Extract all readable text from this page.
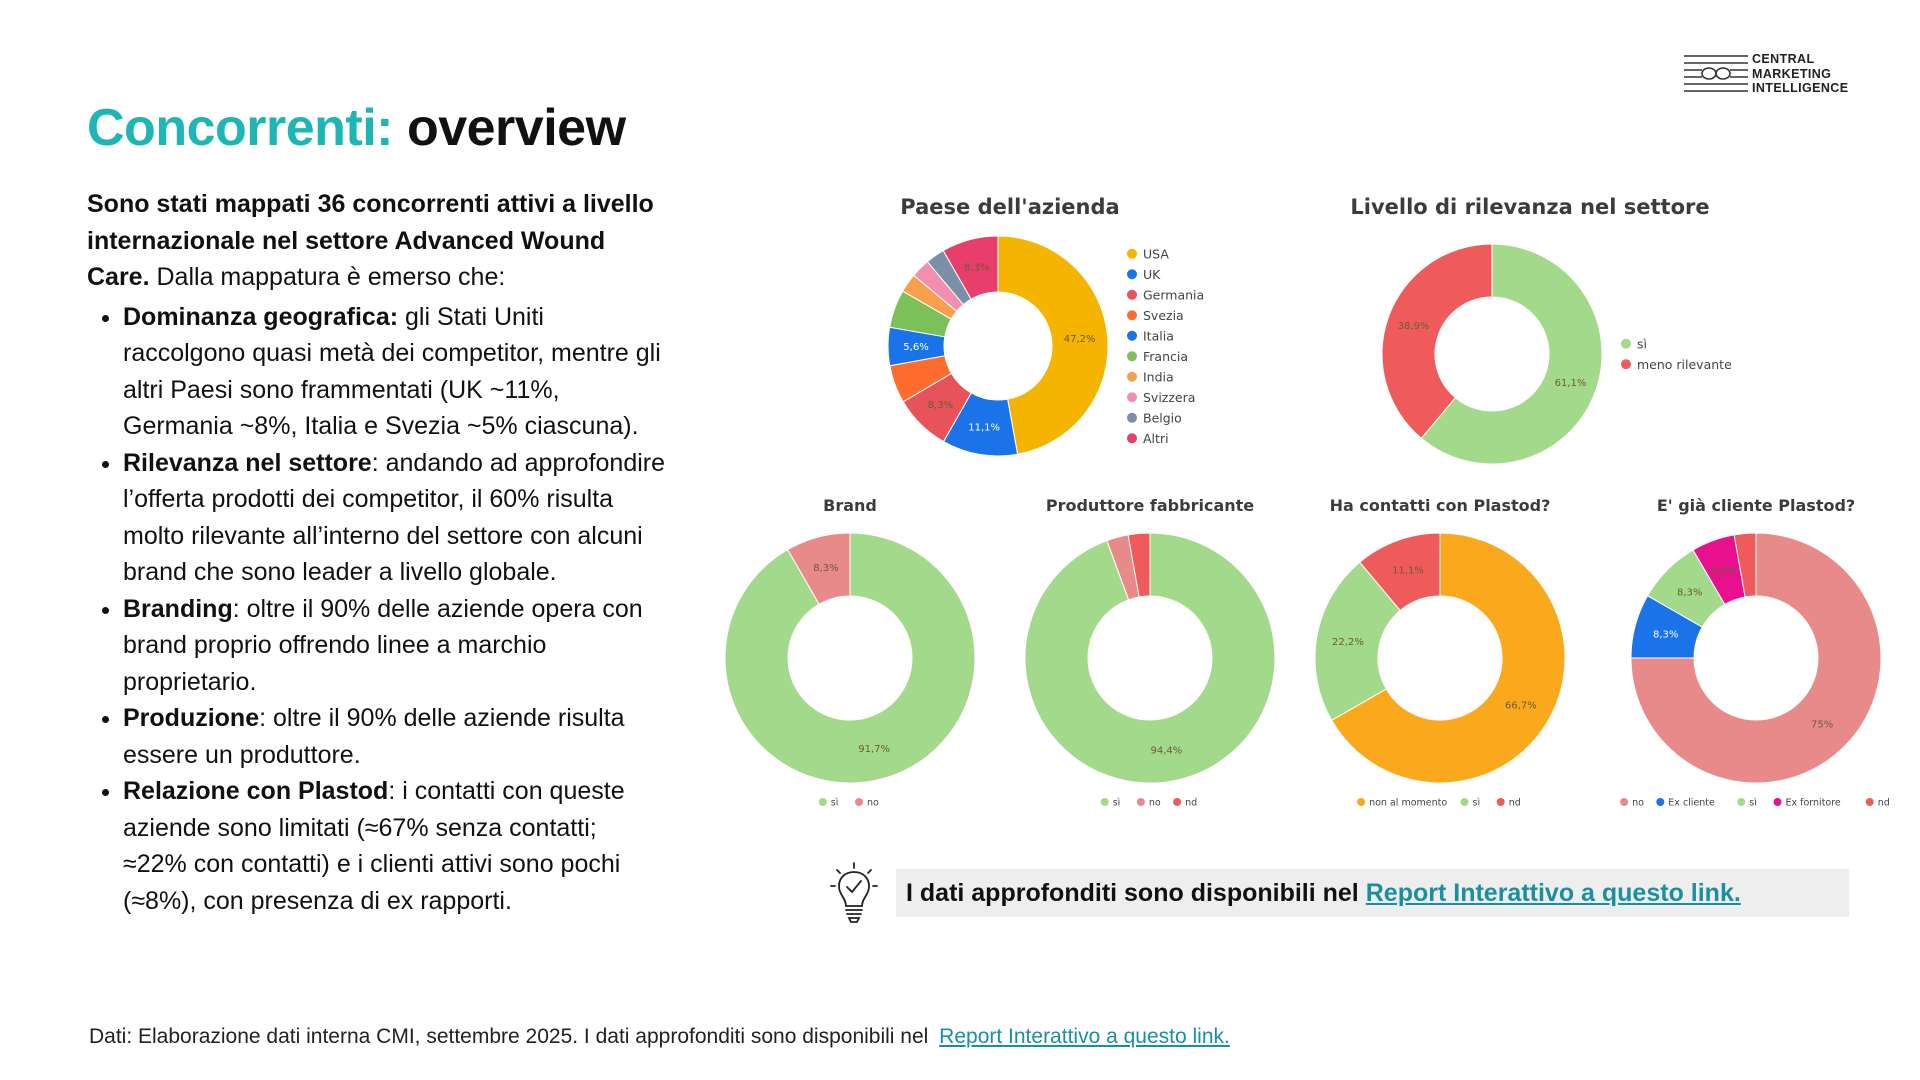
CENTRAL
MARKETING
INTELLIGENCE
Concorrenti: overview

Sono stati mappati 36 concorrenti attivi a livello internazionale nel settore Advanced Wound Care. Dalla mappatura è emerso che:

• Dominanza geografica: gli Stati Uniti raccolgono quasi metà dei competitor, mentre gli altri Paesi sono frammentati (UK ~11%, Germania ~8%, Italia e Svezia ~5% ciascuna).
• Rilevanza nel settore: andando ad approfondire l’offerta prodotti dei competitor, il 60% risulta molto rilevante all’interno del settore con alcuni brand che sono leader a livello globale.
• Branding: oltre il 90% delle aziende opera con brand proprio offrendo linee a marchio proprietario.
• Produzione: oltre il 90% delle aziende risulta essere un produttore.
• Relazione con Plastod: i contatti con queste aziende sono limitati (≈67% senza contatti; ≈22% con contatti) e i clienti attivi sono pochi (≈8%), con presenza di ex rapporti.
Paese dell'azienda
47,2%
11,1%
8,3%
5,6%
8,3%
USA
UK
Germania
Svezia
Italia
Francia
India
Svizzera
Belgio
Altri
Livello di rilevanza nel settore
61,1%
38,9%
sì
meno rilevante
Brand
91,7%
8,3%
sì	no
Produttore fabbricante
94,4%
sì	no	nd
Ha contatti con Plastod?
66,7%
22,2%
11,1%
non al momento	sì	nd
E' già cliente Plastod?
75%
8,3%
8,3%
5,6%
no	Ex cliente	sì	Ex fornitore	nd
I dati approfonditi sono disponibili nel Report Interattivo a questo link.
Dati: Elaborazione dati interna CMI, settembre 2025. I dati approfonditi sono disponibili nel Report Interattivo a questo link.
